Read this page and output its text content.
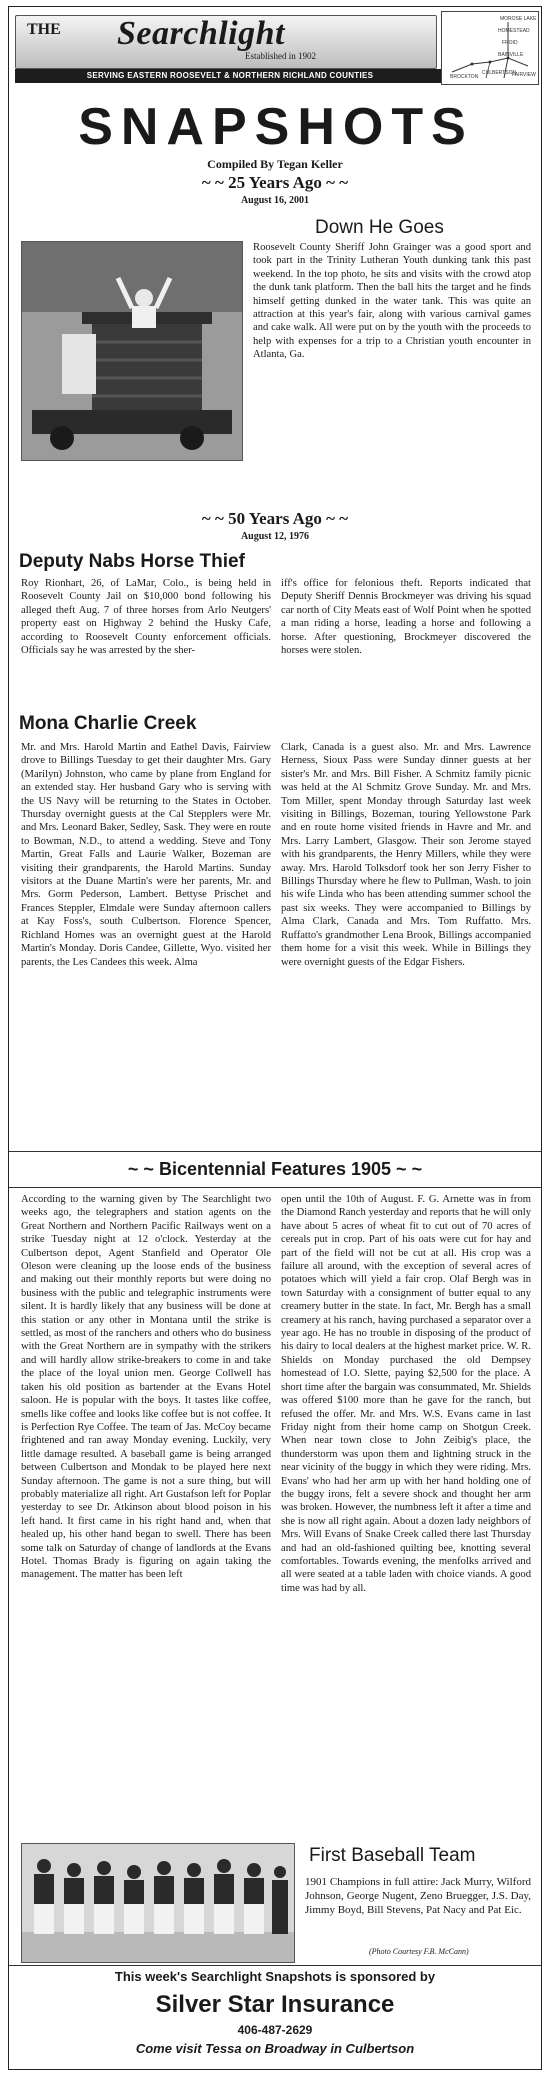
THE Searchlight
Established in 1902
SERVING EASTERN ROOSEVELT & NORTHERN RICHLAND COUNTIES
MOROSE LAKE
HOMESTEAD
FROID
BAINVILLE
CULBERTSON
FAIRVIEW
BROCKTON
SNAPSHOTS
Compiled By Tegan Keller
~ ~ 25 Years Ago ~ ~
August 16, 2001
Down He Goes

Roosevelt County Sheriff John Grainger was a good sport and took part in the Trinity Lutheran Youth dunking tank this past weekend. In the top photo, he sits and visits with the crowd atop the dunk tank platform. Then the ball hits the target and he finds himself getting dunked in the water tank. This was quite an attraction at this year's fair, along with various carnival games and cake walk. All were put on by the youth with the proceeds to help with expenses for a trip to a Christian youth encounter in Atlanta, Ga.

~ ~ 50 Years Ago ~ ~
August 12, 1976
Deputy Nabs Horse Thief

Roy Rionhart, 26, of LaMar, Colo., is being held in Roosevelt County Jail on $10,000 bond following his alleged theft Aug. 7 of three horses from Arlo Neutgers' property east on Highway 2 behind the Husky Cafe, according to Roosevelt County enforcement officials. Officials say he was arrested by the sher-

iff's office for felonious theft. Reports indicated that Deputy Sheriff Dennis Brockmeyer was driving his squad car north of City Meats east of Wolf Point when he spotted a man riding a horse, leading a horse and following a horse. After questioning, Brockmeyer discovered the horses were stolen.

Mona Charlie Creek

Mr. and Mrs. Harold Martin and Eathel Davis, Fairview drove to Billings Tuesday to get their daughter Mrs. Gary (Marilyn) Johnston, who came by plane from England for an extended stay. Her husband Gary who is serving with the US Navy will be returning to the States in October. Thursday overnight guests at the Cal Stepplers were Mr. and Mrs. Leonard Baker, Sedley, Sask. They were en route to Bowman, N.D., to attend a wedding. Steve and Tony Martin, Great Falls and Laurie Walker, Bozeman are visiting their grandparents, the Harold Martins. Sunday visitors at the Duane Martin's were her parents, Mr. and Mrs. Gorm Pederson, Lambert. Bettyse Prischet and Frances Steppler, Elmdale were Sunday afternoon callers at Kay Foss's, south Culbertson. Florence Spencer, Richland Homes was an overnight guest at the Harold Martin's Monday. Doris Candee, Gillette, Wyo. visited her parents, the Les Candees this week. Alma

Clark, Canada is a guest also. Mr. and Mrs. Lawrence Herness, Sioux Pass were Sunday dinner guests at her sister's Mr. and Mrs. Bill Fisher. A Schmitz family picnic was held at the Al Schmitz Grove Sunday. Mr. and Mrs. Tom Miller, spent Monday through Saturday last week visiting in Billings, Bozeman, touring Yellowstone Park and en route home visited friends in Havre and Mr. and Mrs. Larry Lambert, Glasgow. Their son Jerome stayed with his grandparents, the Henry Millers, while they were away. Mrs. Harold Tolksdorf took her son Jerry Fisher to Billings Thursday where he flew to Pullman, Wash. to join his wife Linda who has been attending summer school the past six weeks. They were accompanied to Billings by Alma Clark, Canada and Mrs. Tom Ruffatto. Mrs. Ruffatto's grandmother Lena Brook, Billings accompanied them home for a visit this week. While in Billings they were overnight guests of the Edgar Fishers.

~ ~ Bicentennial Features 1905 ~ ~

According to the warning given by The Searchlight two weeks ago, the telegraphers and station agents on the Great Northern and Northern Pacific Railways went on a strike Tuesday night at 12 o'clock. Yesterday at the Culbertson depot, Agent Stanfield and Operator Ole Oleson were cleaning up the loose ends of the business and making out their monthly reports but were doing no business with the public and telegraphic instruments were silent. It is hardly likely that any business will be done at this station or any other in Montana until the strike is settled, as most of the ranchers and others who do business with the Great Northern are in sympathy with the strikers and will hardly allow strike-breakers to come in and take the place of the loyal union men. George Collwell has taken his old position as bartender at the Evans Hotel saloon. He is popular with the boys. It tastes like coffee, smells like coffee and looks like coffee but is not coffee. It is Perfection Rye Coffee. The team of Jas. McCoy became frightened and ran away Monday evening. Luckily, very little damage resulted. A baseball game is being arranged between Culbertson and Mondak to be played here next Sunday afternoon. The game is not a sure thing, but will probably materialize all right. Art Gustafson left for Poplar yesterday to see Dr. Atkinson about blood poison in his left hand. It first came in his right hand and, when that healed up, his other hand began to swell. There has been some talk on Saturday of change of landlords at the Evans Hotel. Thomas Brady is figuring on again taking the management. The matter has been left

open until the 10th of August. F. G. Arnette was in from the Diamond Ranch yesterday and reports that he will only have about 5 acres of wheat fit to cut out of 70 acres of cereals put in crop. Part of his oats were cut for hay and part of the field will not be cut at all. His crop was a failure all around, with the exception of several acres of potatoes which will yield a fair crop. Olaf Bergh was in town Saturday with a consignment of butter equal to any creamery butter in the state. In fact, Mr. Bergh has a small creamery at his ranch, having purchased a separator over a year ago. He has no trouble in disposing of the product of his dairy to local dealers at the highest market price. W. R. Shields on Monday purchased the old Dempsey homestead of I.O. Slette, paying $2,500 for the place. A short time after the bargain was consummated, Mr. Shields was offered $100 more than he gave for the ranch, but refused the offer. Mr. and Mrs. W.S. Evans came in last Friday night from their home camp on Shotgun Creek. When near town close to John Zeibig's place, the thunderstorm was upon them and lightning struck in the near vicinity of the buggy in which they were riding. Mrs. Evans' who had her arm up with her hand holding one of the buggy irons, felt a severe shock and thought her arm was broken. However, the numbness left it after a time and she is now all right again. About a dozen lady neighbors of Mrs. Will Evans of Snake Creek called there last Thursday and had an old-fashioned quilting bee, knotting several comfortables. Towards evening, the menfolks arrived and all were seated at a table laden with choice viands. A good time was had by all.

First Baseball Team

1901 Champions in full attire: Jack Murry, Wilford Johnson, George Nugent, Zeno Bruegger, J.S. Day, Jimmy Boyd, Bill Stevens, Pat Nacy and Pat Eic.

(Photo Courtesy F.B. McCann)
This week's Searchlight Snapshots is sponsored by
Silver Star Insurance
406-487-2629
Come visit Tessa on Broadway in Culbertson
